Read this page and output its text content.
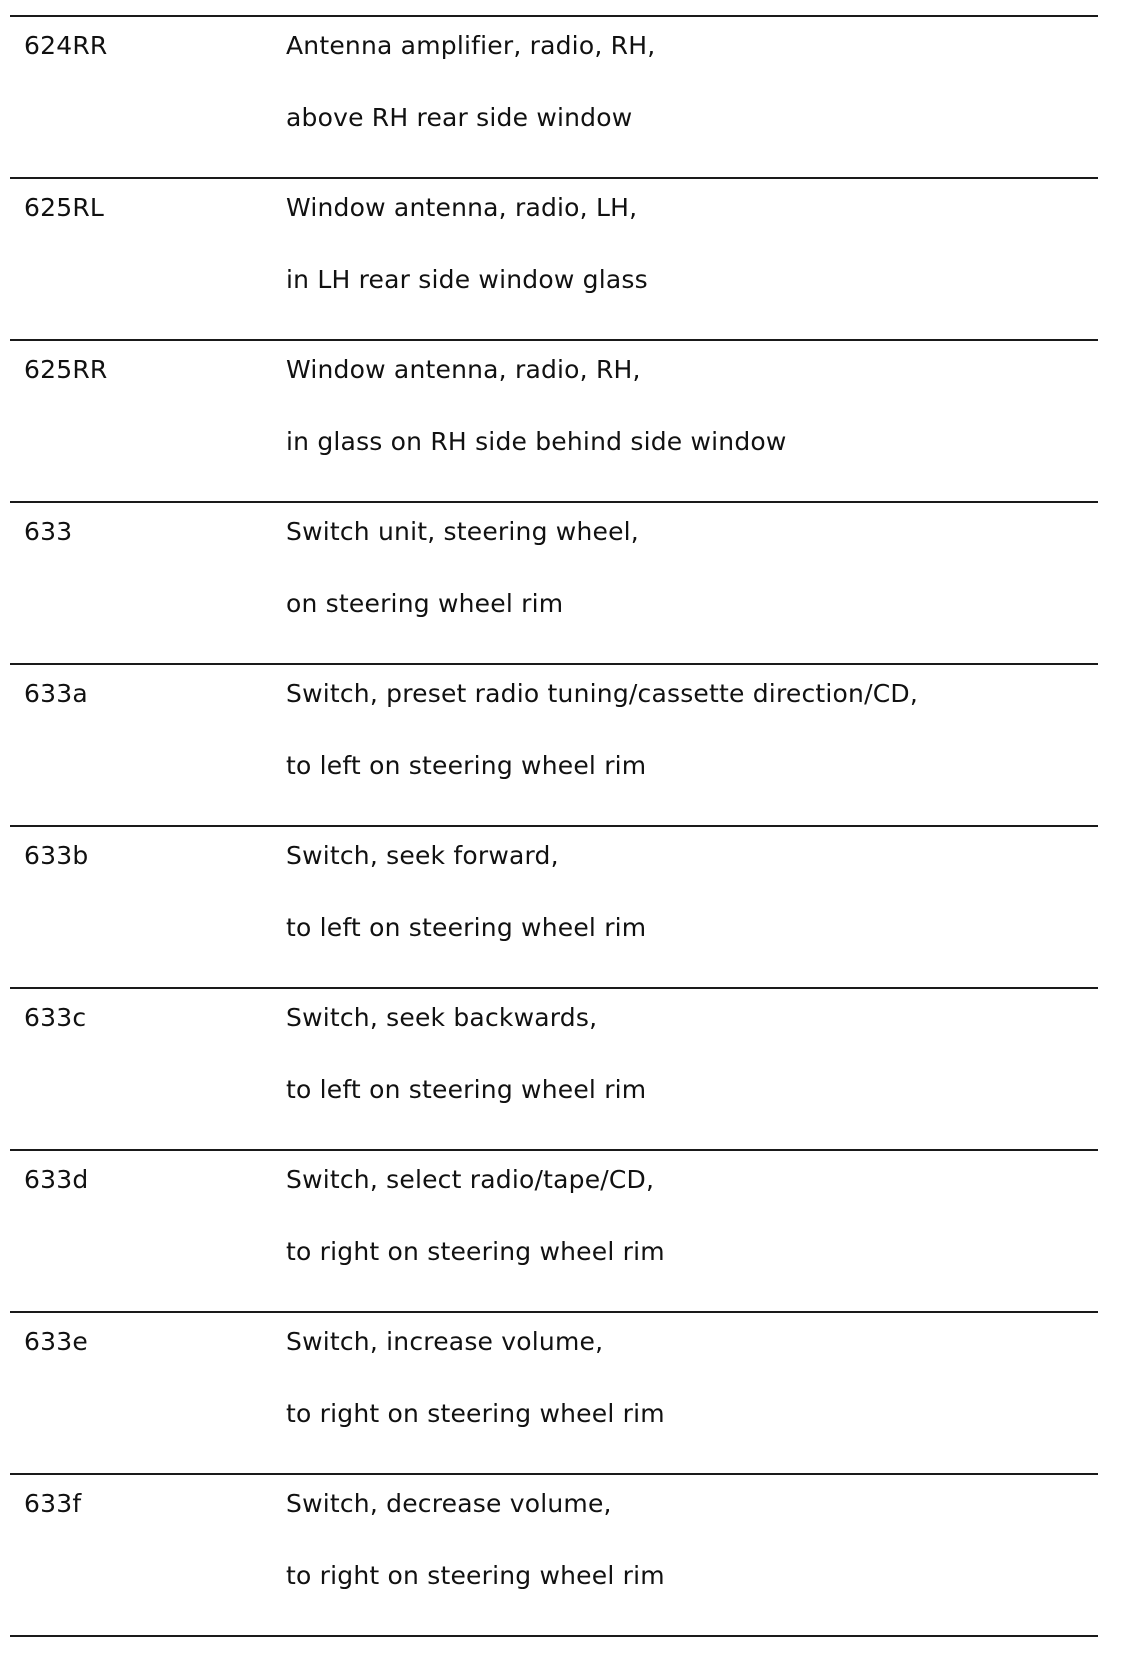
624RR	Antenna amplifier, radio, RH,
above RH rear side window
625RL	Window antenna, radio, LH,
in LH rear side window glass
625RR	Window antenna, radio, RH,
in glass on RH side behind side window
633	Switch unit, steering wheel,
on steering wheel rim
633a	Switch, preset radio tuning/cassette direction/CD,
to left on steering wheel rim
633b	Switch, seek forward,
to left on steering wheel rim
633c	Switch, seek backwards,
to left on steering wheel rim
633d	Switch, select radio/tape/CD,
to right on steering wheel rim
633e	Switch, increase volume,
to right on steering wheel rim
633f	Switch, decrease volume,
to right on steering wheel rim
